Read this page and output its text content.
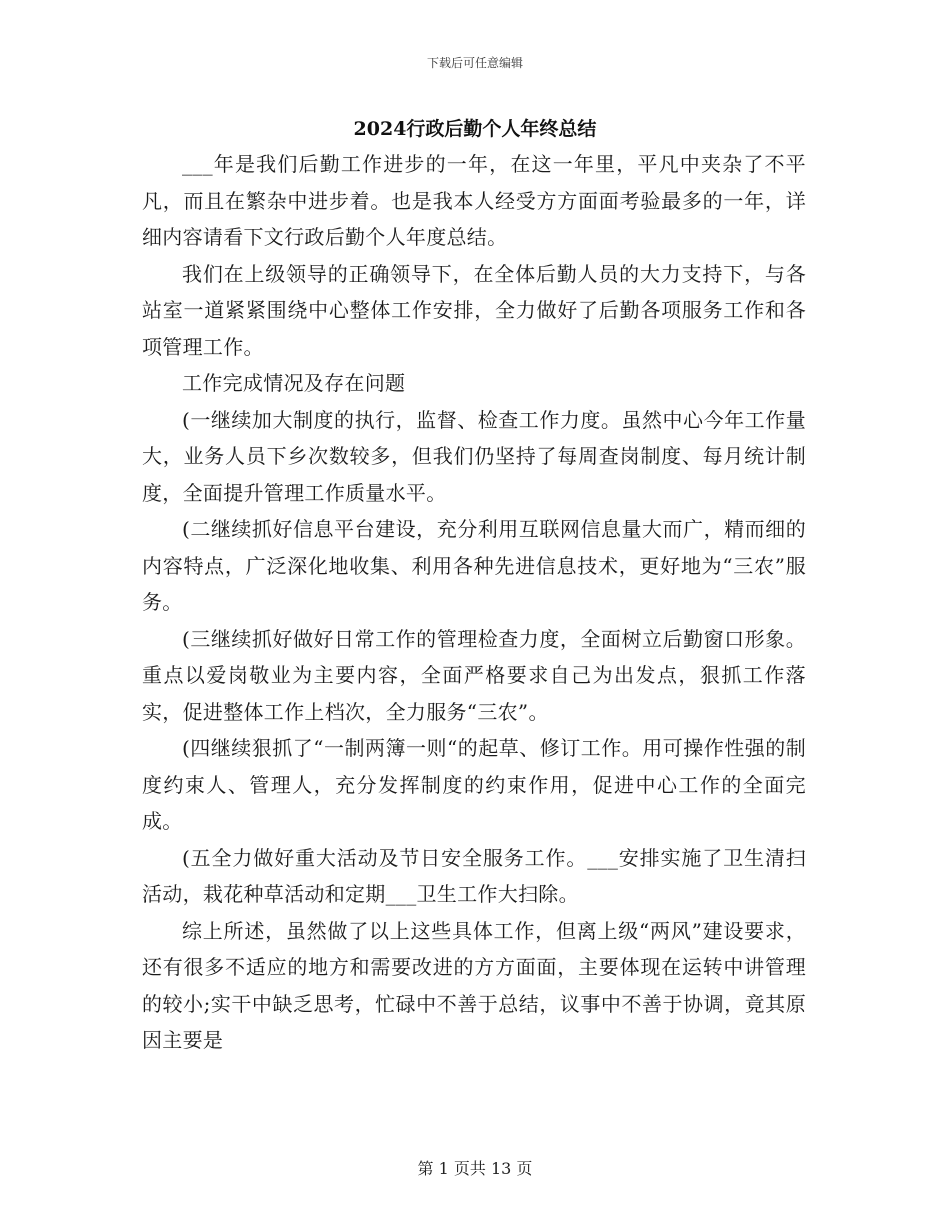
下载后可任意编辑
2024行政后勤个人年终总结

___年是我们后勤工作进步的一年，在这一年里，平凡中夹杂了不平凡，而且在繁杂中进步着。也是我本人经受方方面面考验最多的一年，详细内容请看下文行政后勤个人年度总结。

我们在上级领导的正确领导下，在全体后勤人员的大力支持下，与各站室一道紧紧围绕中心整体工作安排，全力做好了后勤各项服务工作和各项管理工作。

工作完成情况及存在问题

(一继续加大制度的执行，监督、检查工作力度。虽然中心今年工作量大，业务人员下乡次数较多，但我们仍坚持了每周查岗制度、每月统计制度，全面提升管理工作质量水平。

(二继续抓好信息平台建设，充分利用互联网信息量大而广，精而细的内容特点，广泛深化地收集、利用各种先进信息技术，更好地为“三农”服务。

(三继续抓好做好日常工作的管理检查力度，全面树立后勤窗口形象。重点以爱岗敬业为主要内容，全面严格要求自己为出发点，狠抓工作落实，促进整体工作上档次，全力服务“三农”。

(四继续狠抓了“一制两簿一则“的起草、修订工作。用可操作性强的制度约束人、管理人，充分发挥制度的约束作用，促进中心工作的全面完成。

(五全力做好重大活动及节日安全服务工作。___安排实施了卫生清扫活动，栽花种草活动和定期___卫生工作大扫除。

综上所述，虽然做了以上这些具体工作，但离上级“两风”建设要求，还有很多不适应的地方和需要改进的方方面面，主要体现在运转中讲管理的较小;实干中缺乏思考，忙碌中不善于总结，议事中不善于协调，竟其原因主要是

第 1 页共 13 页
